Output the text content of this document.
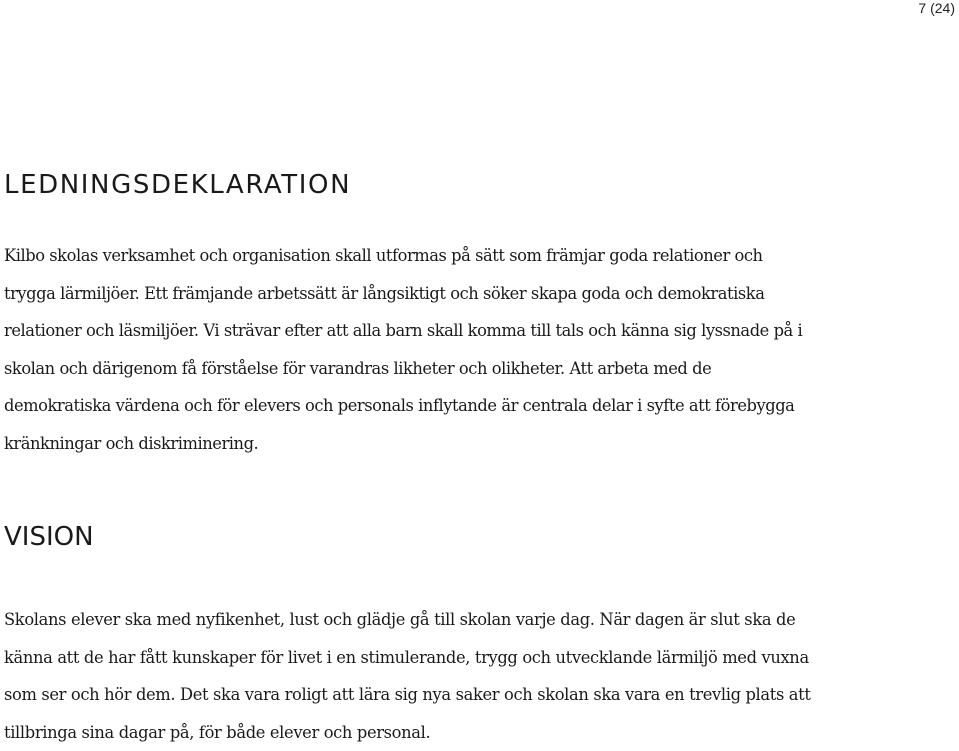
7 (24)
LEDNINGSDEKLARATION

Kilbo skolas verksamhet och organisation skall utformas på sätt som främjar goda relationer och
trygga lärmiljöer. Ett främjande arbetssätt är långsiktigt och söker skapa goda och demokratiska
relationer och läsmiljöer. Vi strävar efter att alla barn skall komma till tals och känna sig lyssnade på i
skolan och därigenom få förståelse för varandras likheter och olikheter. Att arbeta med de
demokratiska värdena och för elevers och personals inflytande är centrala delar i syfte att förebygga
kränkningar och diskriminering.

VISION

Skolans elever ska med nyfikenhet, lust och glädje gå till skolan varje dag. När dagen är slut ska de
känna att de har fått kunskaper för livet i en stimulerande, trygg och utvecklande lärmiljö med vuxna
som ser och hör dem. Det ska vara roligt att lära sig nya saker och skolan ska vara en trevlig plats att
tillbringa sina dagar på, för både elever och personal.
